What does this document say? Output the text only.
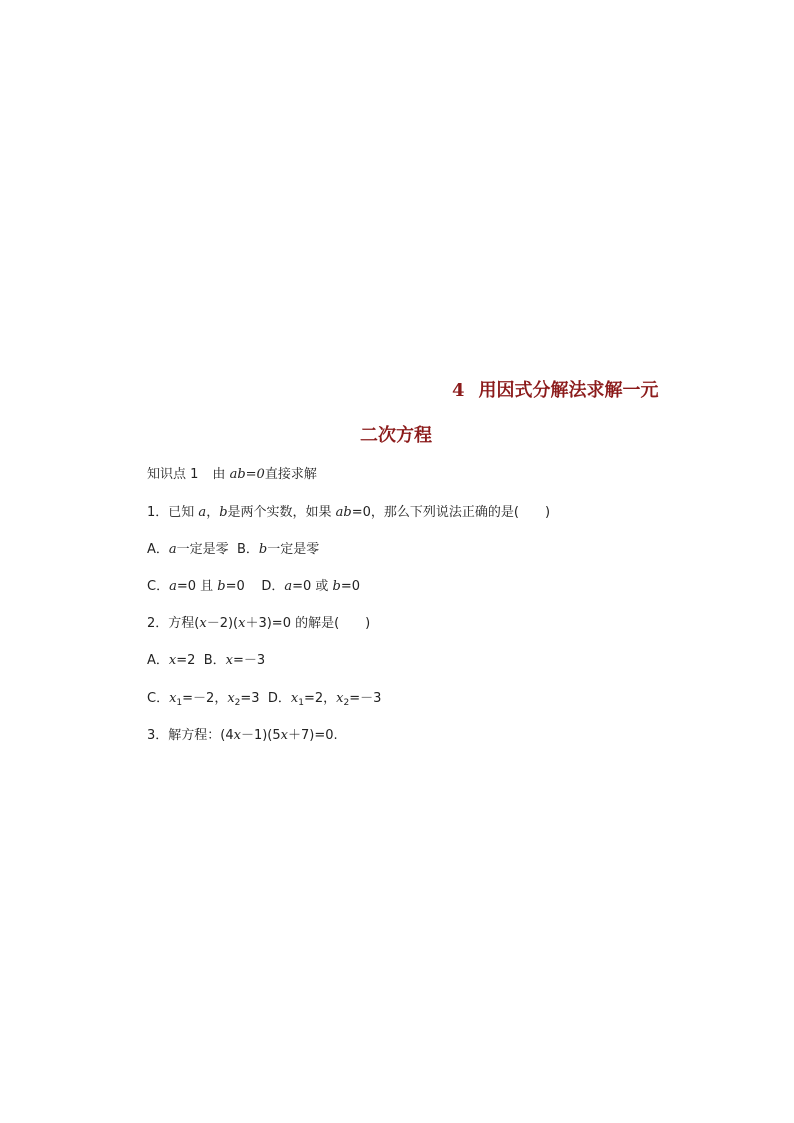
4 用因式分解法求解一元
二次方程
知识点 1 由 ab=0直接求解
1．已知 a，b是两个实数，如果 ab=0，那么下列说法正确的是(　　)
A．a一定是零 B．b一定是零
C．a=0 且 b=0 D．a=0 或 b=0
2．方程(x－2)(x＋3)=0 的解是(　　)
A．x=2 B．x=－3
C．$x_1=-2$，$x_2=3$ D．$x_1=2$，$x_2=-3$
3．解方程：(4x－1)(5x＋7)=0.
